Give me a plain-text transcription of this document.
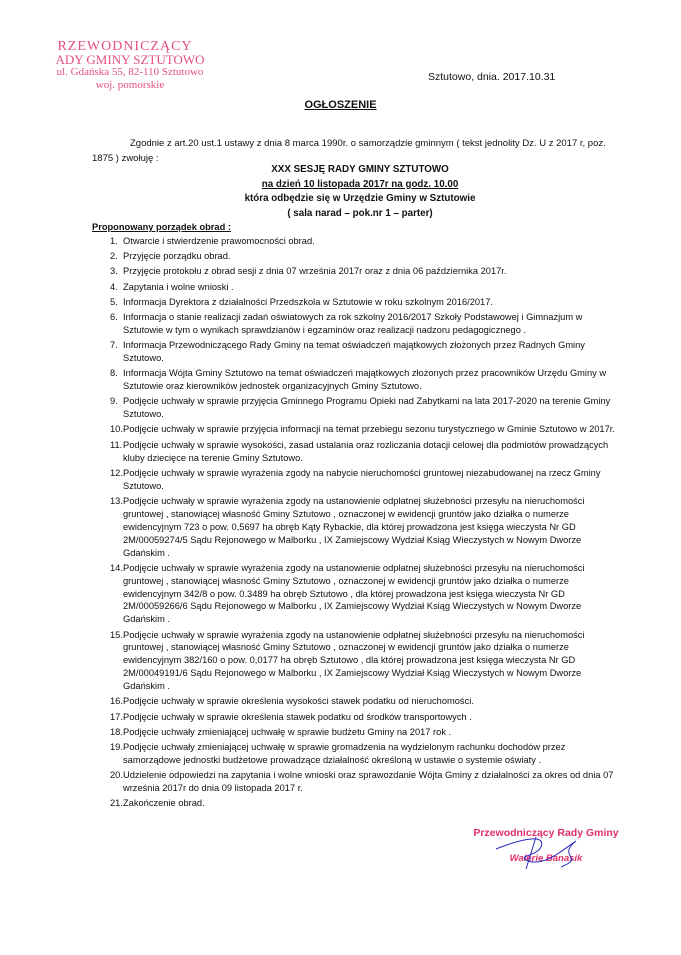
RZEWODNICZĄCY
ADY GMINY SZTUTOWO
ul. Gdańska 55, 82-110 Sztutowo
woj. pomorskie
Sztutowo, dnia. 2017.10.31
OGŁOSZENIE
Zgodnie z art.20 ust.1 ustawy z dnia 8 marca 1990r. o samorządzie gminnym ( tekst jednolity Dz. U z 2017 r, poz. 1875 ) zwołuję :
XXX SESJĘ RADY GMINY SZTUTOWO
na dzień 10 listopada 2017r na godz. 10.00
która odbędzie się w Urzędzie Gminy w Sztutowie
( sala narad – pok.nr 1 – parter)
Proponowany porządek obrad :
1. Otwarcie i stwierdzenie prawomocności obrad.
2. Przyjęcie porządku obrad.
3. Przyjęcie protokołu z obrad sesji z dnia 07 września 2017r oraz z dnia 06 października 2017r.
4. Zapytania i wolne wnioski .
5. Informacja Dyrektora z działalności Przedszkola w Sztutowie w roku szkolnym 2016/2017.
6. Informacja o stanie realizacji zadań oświatowych za rok szkolny 2016/2017 Szkoły Podstawowej i Gimnazjum w Sztutowie w tym o wynikach sprawdzianów i egzaminów oraz realizacji nadzoru pedagogicznego .
7. Informacja Przewodniczącego Rady Gminy na temat oświadczeń majątkowych złożonych przez Radnych Gminy Sztutowo.
8. Informacja Wójta Gminy Sztutowo na temat oświadczeń majątkowych złożonych przez pracowników Urzędu Gminy w Sztutowie oraz kierowników jednostek organizacyjnych Gminy Sztutowo.
9. Podjęcie uchwały w sprawie przyjęcia Gminnego Programu Opieki nad Zabytkami na lata 2017-2020 na terenie Gminy Sztutowo.
10. Podjęcie uchwały w sprawie przyjęcia informacji na temat przebiegu sezonu turystycznego w Gminie Sztutowo w 2017r.
11. Podjęcie uchwały w sprawie wysokości, zasad ustalania oraz rozliczania dotacji celowej dla podmiotów prowadzących kluby dziecięce na terenie Gminy Sztutowo.
12. Podjęcie uchwały w sprawie wyrażenia zgody na nabycie nieruchomości gruntowej niezabudowanej na rzecz Gminy Sztutowo.
13. Podjęcie uchwały w sprawie wyrażenia zgody na ustanowienie odpłatnej służebności przesyłu na nieruchomości gruntowej , stanowiącej własność Gminy Sztutowo , oznaczonej w ewidencji gruntów jako działka o numerze ewidencyjnym 723 o pow. 0,5697 ha obręb Kąty Rybackie, dla której prowadzona jest księga wieczysta Nr GD 2M/00059274/5 Sądu Rejonowego w Malborku , IX Zamiejscowy Wydział Ksiąg Wieczystych w Nowym Dworze Gdańskim .
14. Podjęcie uchwały w sprawie wyrażenia zgody na ustanowienie odpłatnej służebności przesyłu na nieruchomości gruntowej , stanowiącej własność Gminy Sztutowo , oznaczonej w ewidencji gruntów jako działka o numerze ewidencyjnym 342/8 o pow. 0.3489 ha obręb Sztutowo , dla której prowadzona jest księga wieczysta Nr GD 2M/00059266/6 Sądu Rejonowego w Malborku , IX Zamiejscowy Wydział Ksiąg Wieczystych w Nowym Dworze Gdańskim .
15. Podjęcie uchwały w sprawie wyrażenia zgody na ustanowienie odpłatnej służebności przesyłu na nieruchomości gruntowej , stanowiącej własność Gminy Sztutowo , oznaczonej w ewidencji gruntów jako działka o numerze ewidencyjnym 382/160 o pow. 0,0177 ha obręb Sztutowo , dla której prowadzona jest księga wieczysta Nr GD 2M/00049191/6 Sądu Rejonowego w Malborku , IX Zamiejscowy Wydział Ksiąg Wieczystych w Nowym Dworze Gdańskim .
16. Podjęcie uchwały w sprawie określenia wysokości stawek podatku od nieruchomości.
17. Podjęcie uchwały w sprawie określenia stawek podatku od środków transportowych .
18. Podjęcie uchwały zmieniającej uchwałę w sprawie budżetu Gminy na 2017 rok .
19. Podjęcie uchwały zmieniającej uchwałę w sprawie gromadzenia na wydzielonym rachunku dochodów przez samorządowe jednostki budżetowe prowadzące działalność określoną w ustawie o systemie oświaty .
20. Udzielenie odpowiedzi na zapytania i wolne wnioski oraz sprawozdanie Wójta Gminy z działalności za okres od dnia 07 września 2017r do dnia 09 listopada 2017 r.
21. Zakończenie obrad.
Przewodniczący Rady Gminy
Walerie Banasik
